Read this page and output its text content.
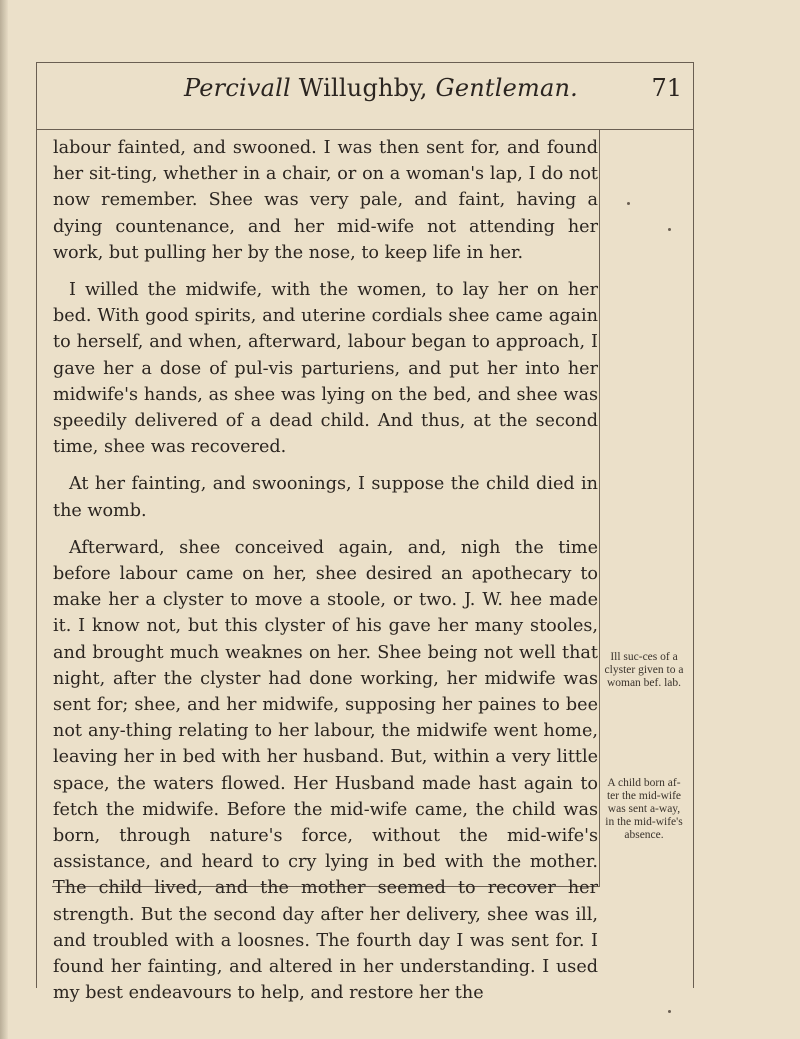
Percivall Willughby, Gentleman.	71

labour fainted, and swooned. I was then sent for, and found her sit-ting, whether in a chair, or on a woman's lap, I do not now remember. Shee was very pale, and faint, having a dying countenance, and her mid-wife not attending her work, but pulling her by the nose, to keep life in her.

I willed the midwife, with the women, to lay her on her bed. With good spirits, and uterine cordials shee came again to herself, and when, afterward, labour began to approach, I gave her a dose of pul-vis parturiens, and put her into her midwife's hands, as shee was lying on the bed, and shee was speedily delivered of a dead child. And thus, at the second time, shee was recovered.

At her fainting, and swoonings, I suppose the child died in the womb.

Afterward, shee conceived again, and, nigh the time before labour came on her, shee desired an apothecary to make her a clyster to move a stoole, or two. J. W. hee made it. I know not, but this clyster of his gave her many stooles, and brought much weaknes on her. Shee being not well that night, after the clyster had done working, her midwife was sent for; shee, and her midwife, supposing her paines to bee not any-thing relating to her labour, the midwife went home, leaving her in bed with her husband. But, within a very little space, the waters flowed. Her Husband made hast again to fetch the midwife. Before the mid-wife came, the child was born, through nature's force, without the mid-wife's assistance, and heard to cry lying in bed with the mother. The child lived, and the mother seemed to recover her strength. But the second day after her delivery, shee was ill, and troubled with a loosnes. The fourth day I was sent for. I found her fainting, and altered in her understanding. I used my best endeavours to help, and restore her the

Ill suc-ces of a clyster given to a woman bef. lab.
A child born af-ter the mid-wife was sent a-way, in the mid-wife's absence.
